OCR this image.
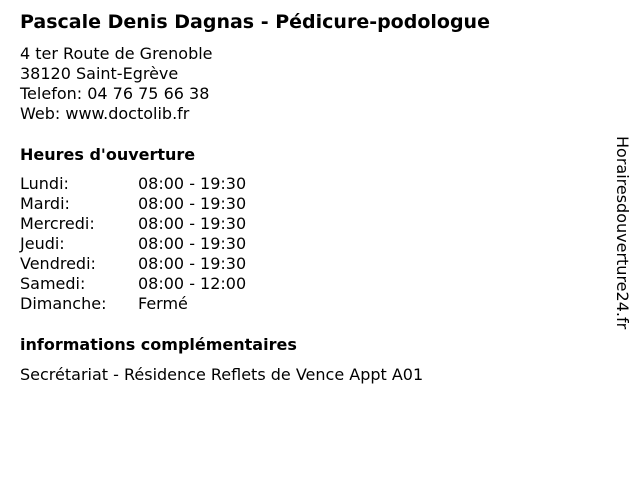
Pascale Denis Dagnas - Pédicure-podologue
4 ter Route de Grenoble
38120 Saint-Egrève
Telefon: 04 76 75 66 38
Web: www.doctolib.fr
Heures d'ouverture
Lundi:	08:00 - 19:30
Mardi:	08:00 - 19:30
Mercredi:	08:00 - 19:30
Jeudi:	08:00 - 19:30
Vendredi:	08:00 - 19:30
Samedi:	08:00 - 12:00
Dimanche:	Fermé
informations complémentaires
Secrétariat - Résidence Reflets de Vence Appt A01
Horairesdouverture24.fr
